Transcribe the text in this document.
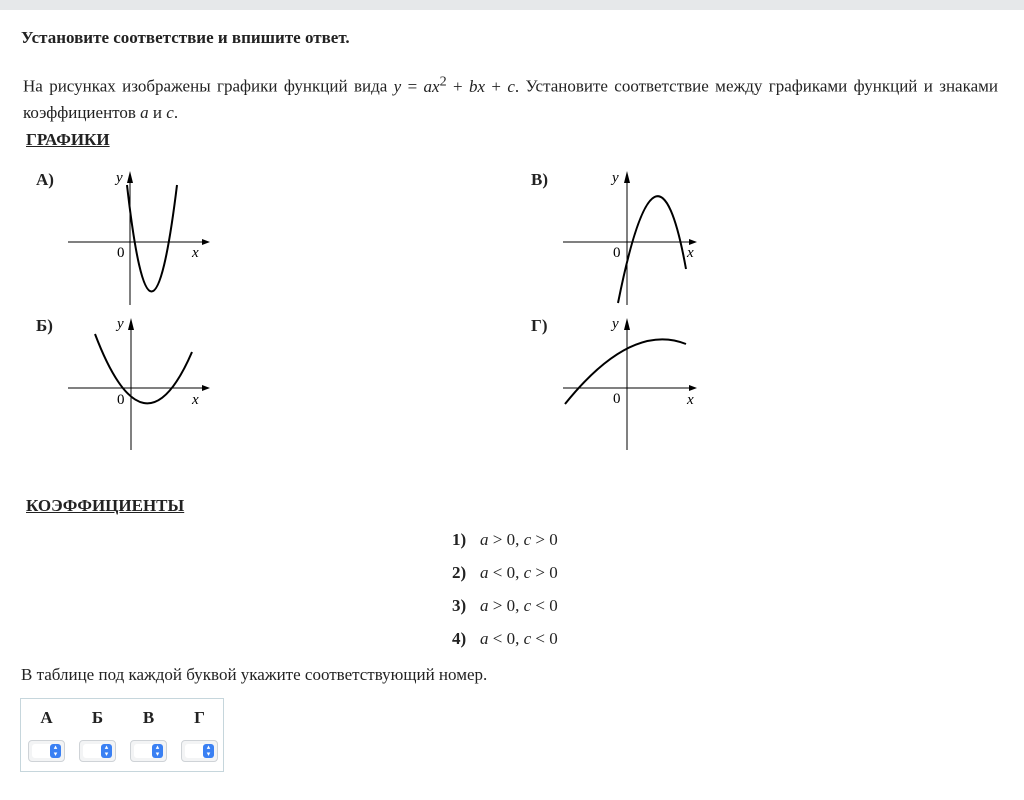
Установите соответствие и впишите ответ.
На рисунках изображены графики функций вида $y = ax^2$ + bx + c. Установите соответствие между графиками функций и знаками коэффициентов a и c.
ГРАФИКИ
А)	y
x
0
Б)	y
x
0
В)	y
x
0
Г)	y
x
0
КОЭФФИЦИЕНТЫ
1) a > 0, c > 0
2) a < 0, c > 0
3) a > 0, c < 0
4) a < 0, c < 0
В таблице под каждой буквой укажите соответствующий номер.
А
▴
▾
Б
▴
▾
В
▴
▾
Г
▴
▾
